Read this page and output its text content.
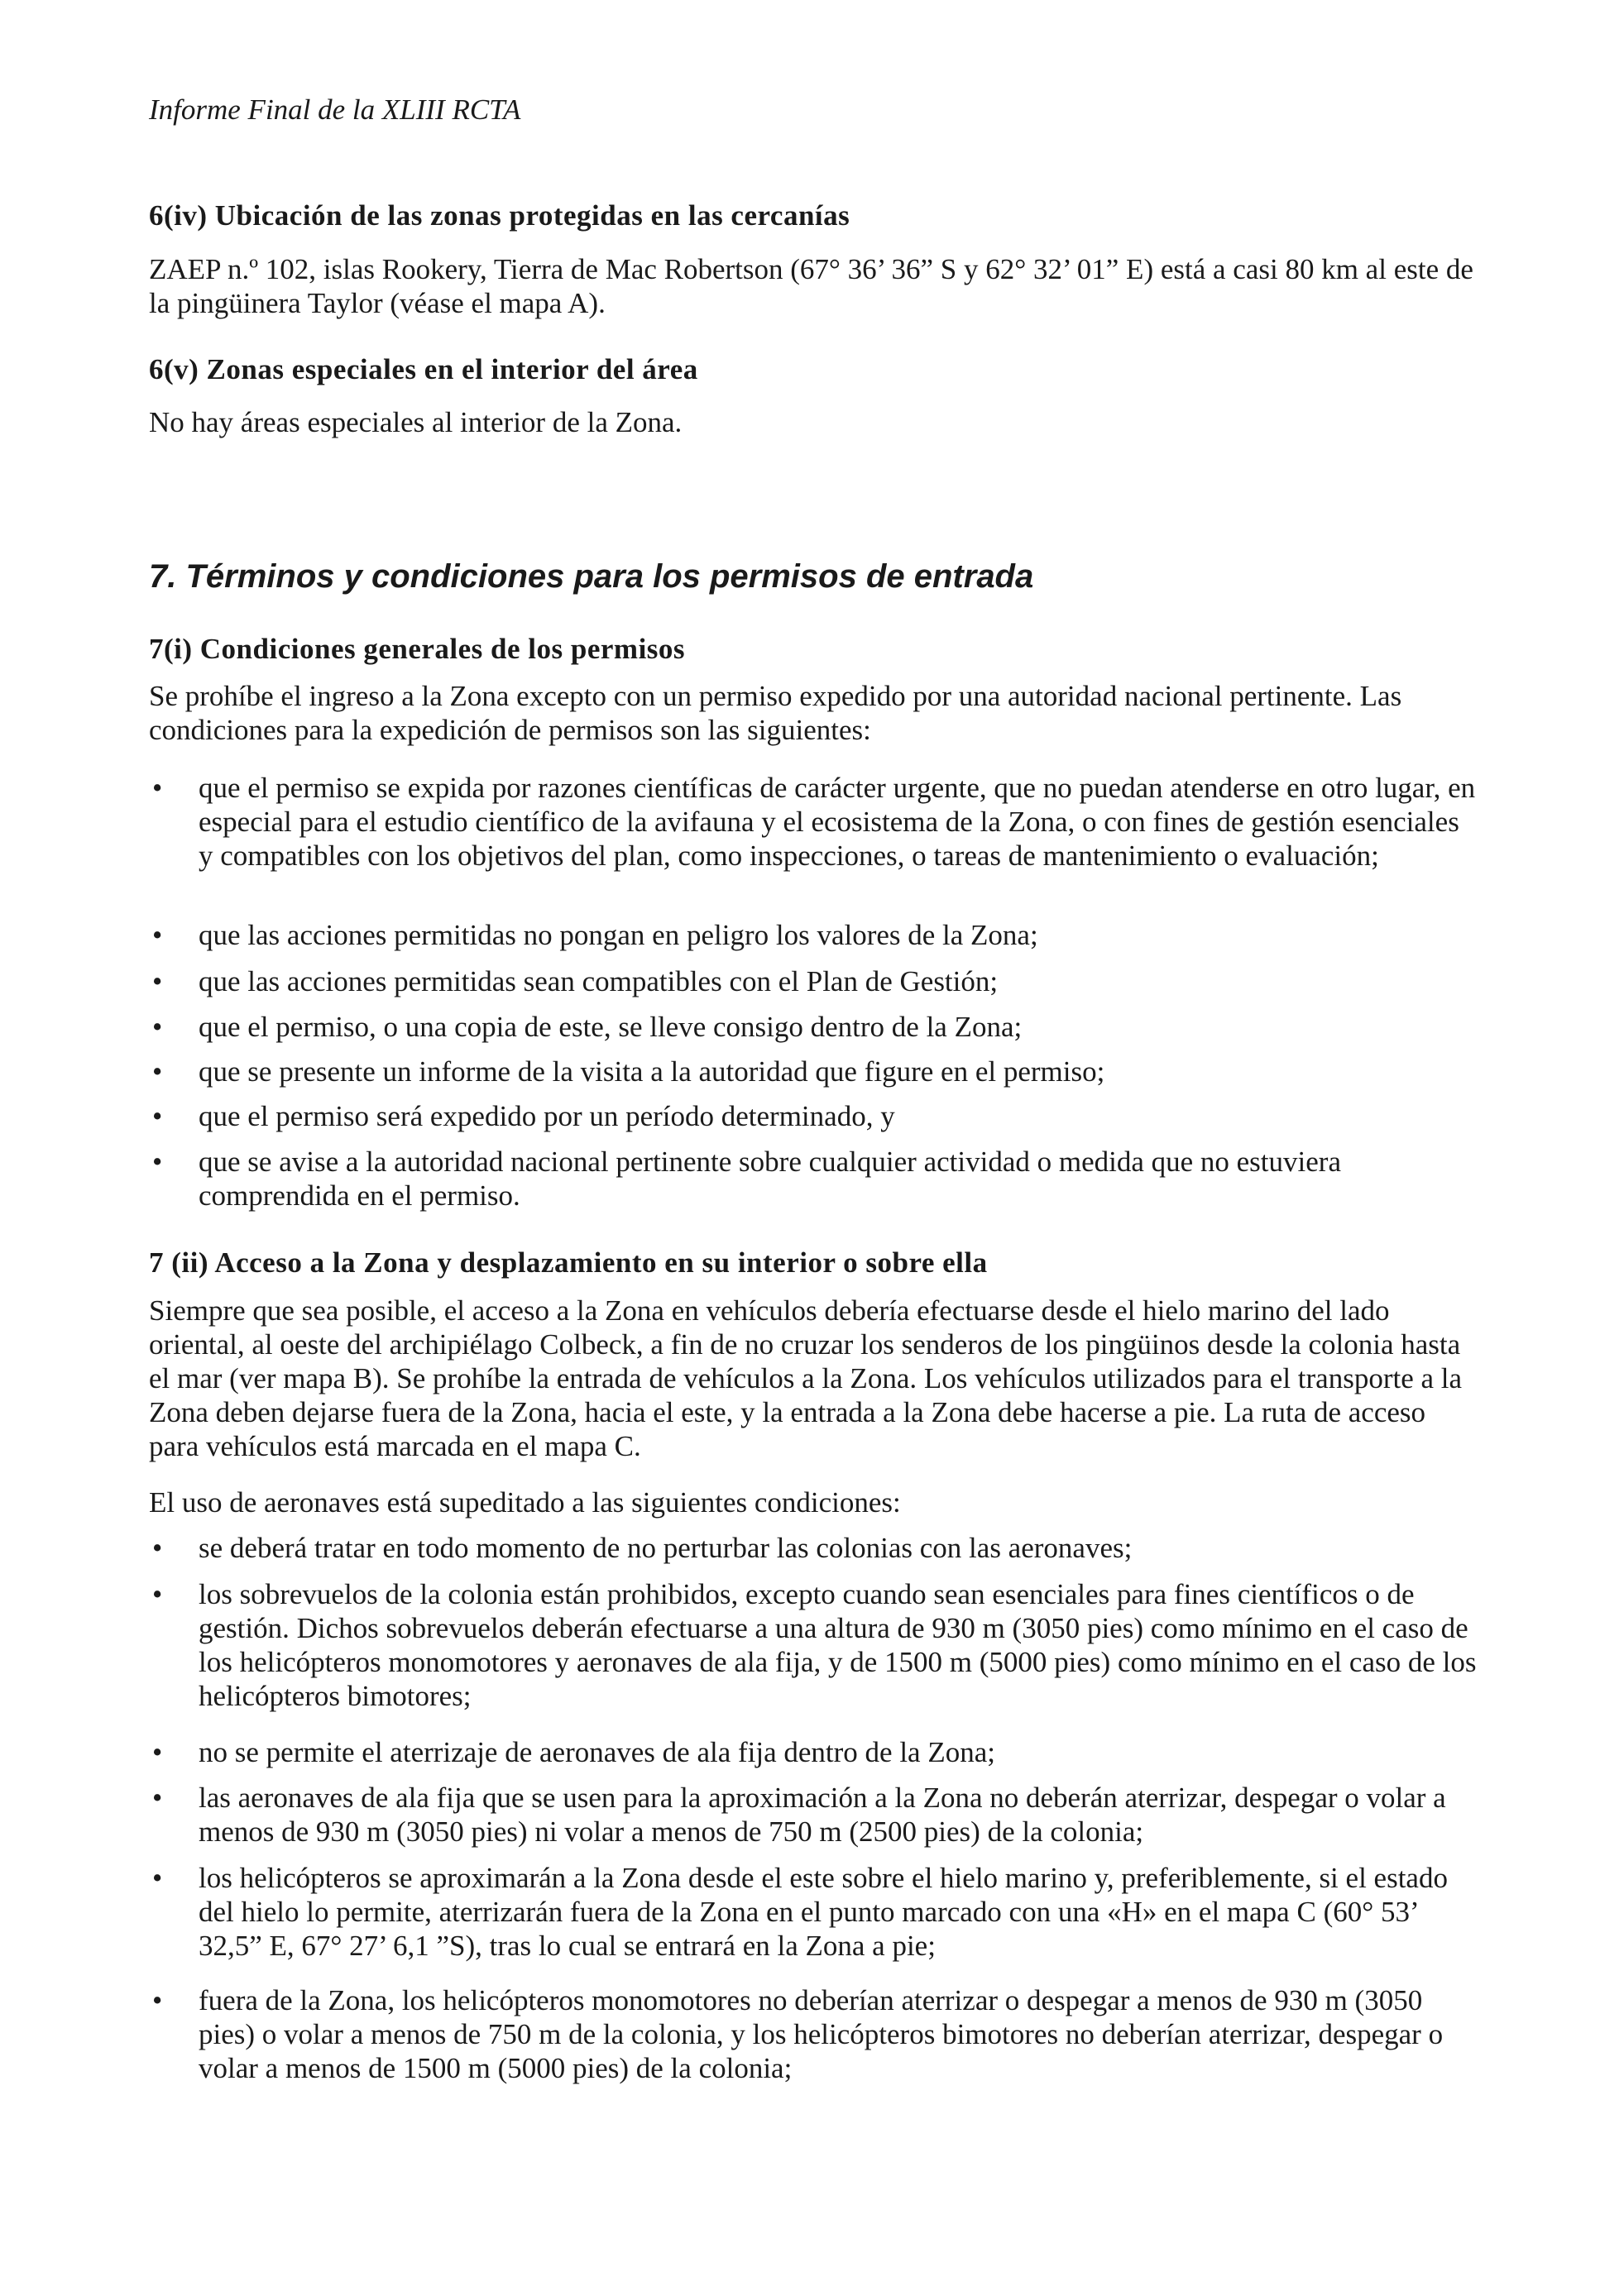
Informe Final de la XLIII RCTA
6(iv) Ubicación de las zonas protegidas en las cercanías

ZAEP n.º 102, islas Rookery, Tierra de Mac Robertson (67° 36’ 36” S y 62° 32’ 01” E) está a casi 80 km al este de la pingüinera Taylor (véase el mapa A).

6(v) Zonas especiales en el interior del área

No hay áreas especiales al interior de la Zona.

7. Términos y condiciones para los permisos de entrada
7(i) Condiciones generales de los permisos

Se prohíbe el ingreso a la Zona excepto con un permiso expedido por una autoridad nacional pertinente. Las condiciones para la expedición de permisos son las siguientes:

• que el permiso se expida por razones científicas de carácter urgente, que no puedan atenderse en otro lugar, en especial para el estudio científico de la avifauna y el ecosistema de la Zona, o con fines de gestión esenciales y compatibles con los objetivos del plan, como inspecciones, o tareas de mantenimiento o evaluación;
• que las acciones permitidas no pongan en peligro los valores de la Zona;
• que las acciones permitidas sean compatibles con el Plan de Gestión;
• que el permiso, o una copia de este, se lleve consigo dentro de la Zona;
• que se presente un informe de la visita a la autoridad que figure en el permiso;
• que el permiso será expedido por un período determinado, y
• que se avise a la autoridad nacional pertinente sobre cualquier actividad o medida que no estuviera comprendida en el permiso.
7 (ii) Acceso a la Zona y desplazamiento en su interior o sobre ella

Siempre que sea posible, el acceso a la Zona en vehículos debería efectuarse desde el hielo marino del lado oriental, al oeste del archipiélago Colbeck, a fin de no cruzar los senderos de los pingüinos desde la colonia hasta el mar (ver mapa B). Se prohíbe la entrada de vehículos a la Zona. Los vehículos utilizados para el transporte a la Zona deben dejarse fuera de la Zona, hacia el este, y la entrada a la Zona debe hacerse a pie. La ruta de acceso para vehículos está marcada en el mapa C.

El uso de aeronaves está supeditado a las siguientes condiciones:

• se deberá tratar en todo momento de no perturbar las colonias con las aeronaves;
• los sobrevuelos de la colonia están prohibidos, excepto cuando sean esenciales para fines científicos o de gestión. Dichos sobrevuelos deberán efectuarse a una altura de 930 m (3050 pies) como mínimo en el caso de los helicópteros monomotores y aeronaves de ala fija, y de 1500 m (5000 pies) como mínimo en el caso de los helicópteros bimotores;
• no se permite el aterrizaje de aeronaves de ala fija dentro de la Zona;
• las aeronaves de ala fija que se usen para la aproximación a la Zona no deberán aterrizar, despegar o volar a menos de 930 m (3050 pies) ni volar a menos de 750 m (2500 pies) de la colonia;
• los helicópteros se aproximarán a la Zona desde el este sobre el hielo marino y, preferiblemente, si el estado del hielo lo permite, aterrizarán fuera de la Zona en el punto marcado con una «H» en el mapa C (60° 53’ 32,5” E, 67° 27’ 6,1 ”S), tras lo cual se entrará en la Zona a pie;
• fuera de la Zona, los helicópteros monomotores no deberían aterrizar o despegar a menos de 930 m (3050 pies) o volar a menos de 750 m de la colonia, y los helicópteros bimotores no deberían aterrizar, despegar o volar a menos de 1500 m (5000 pies) de la colonia;
